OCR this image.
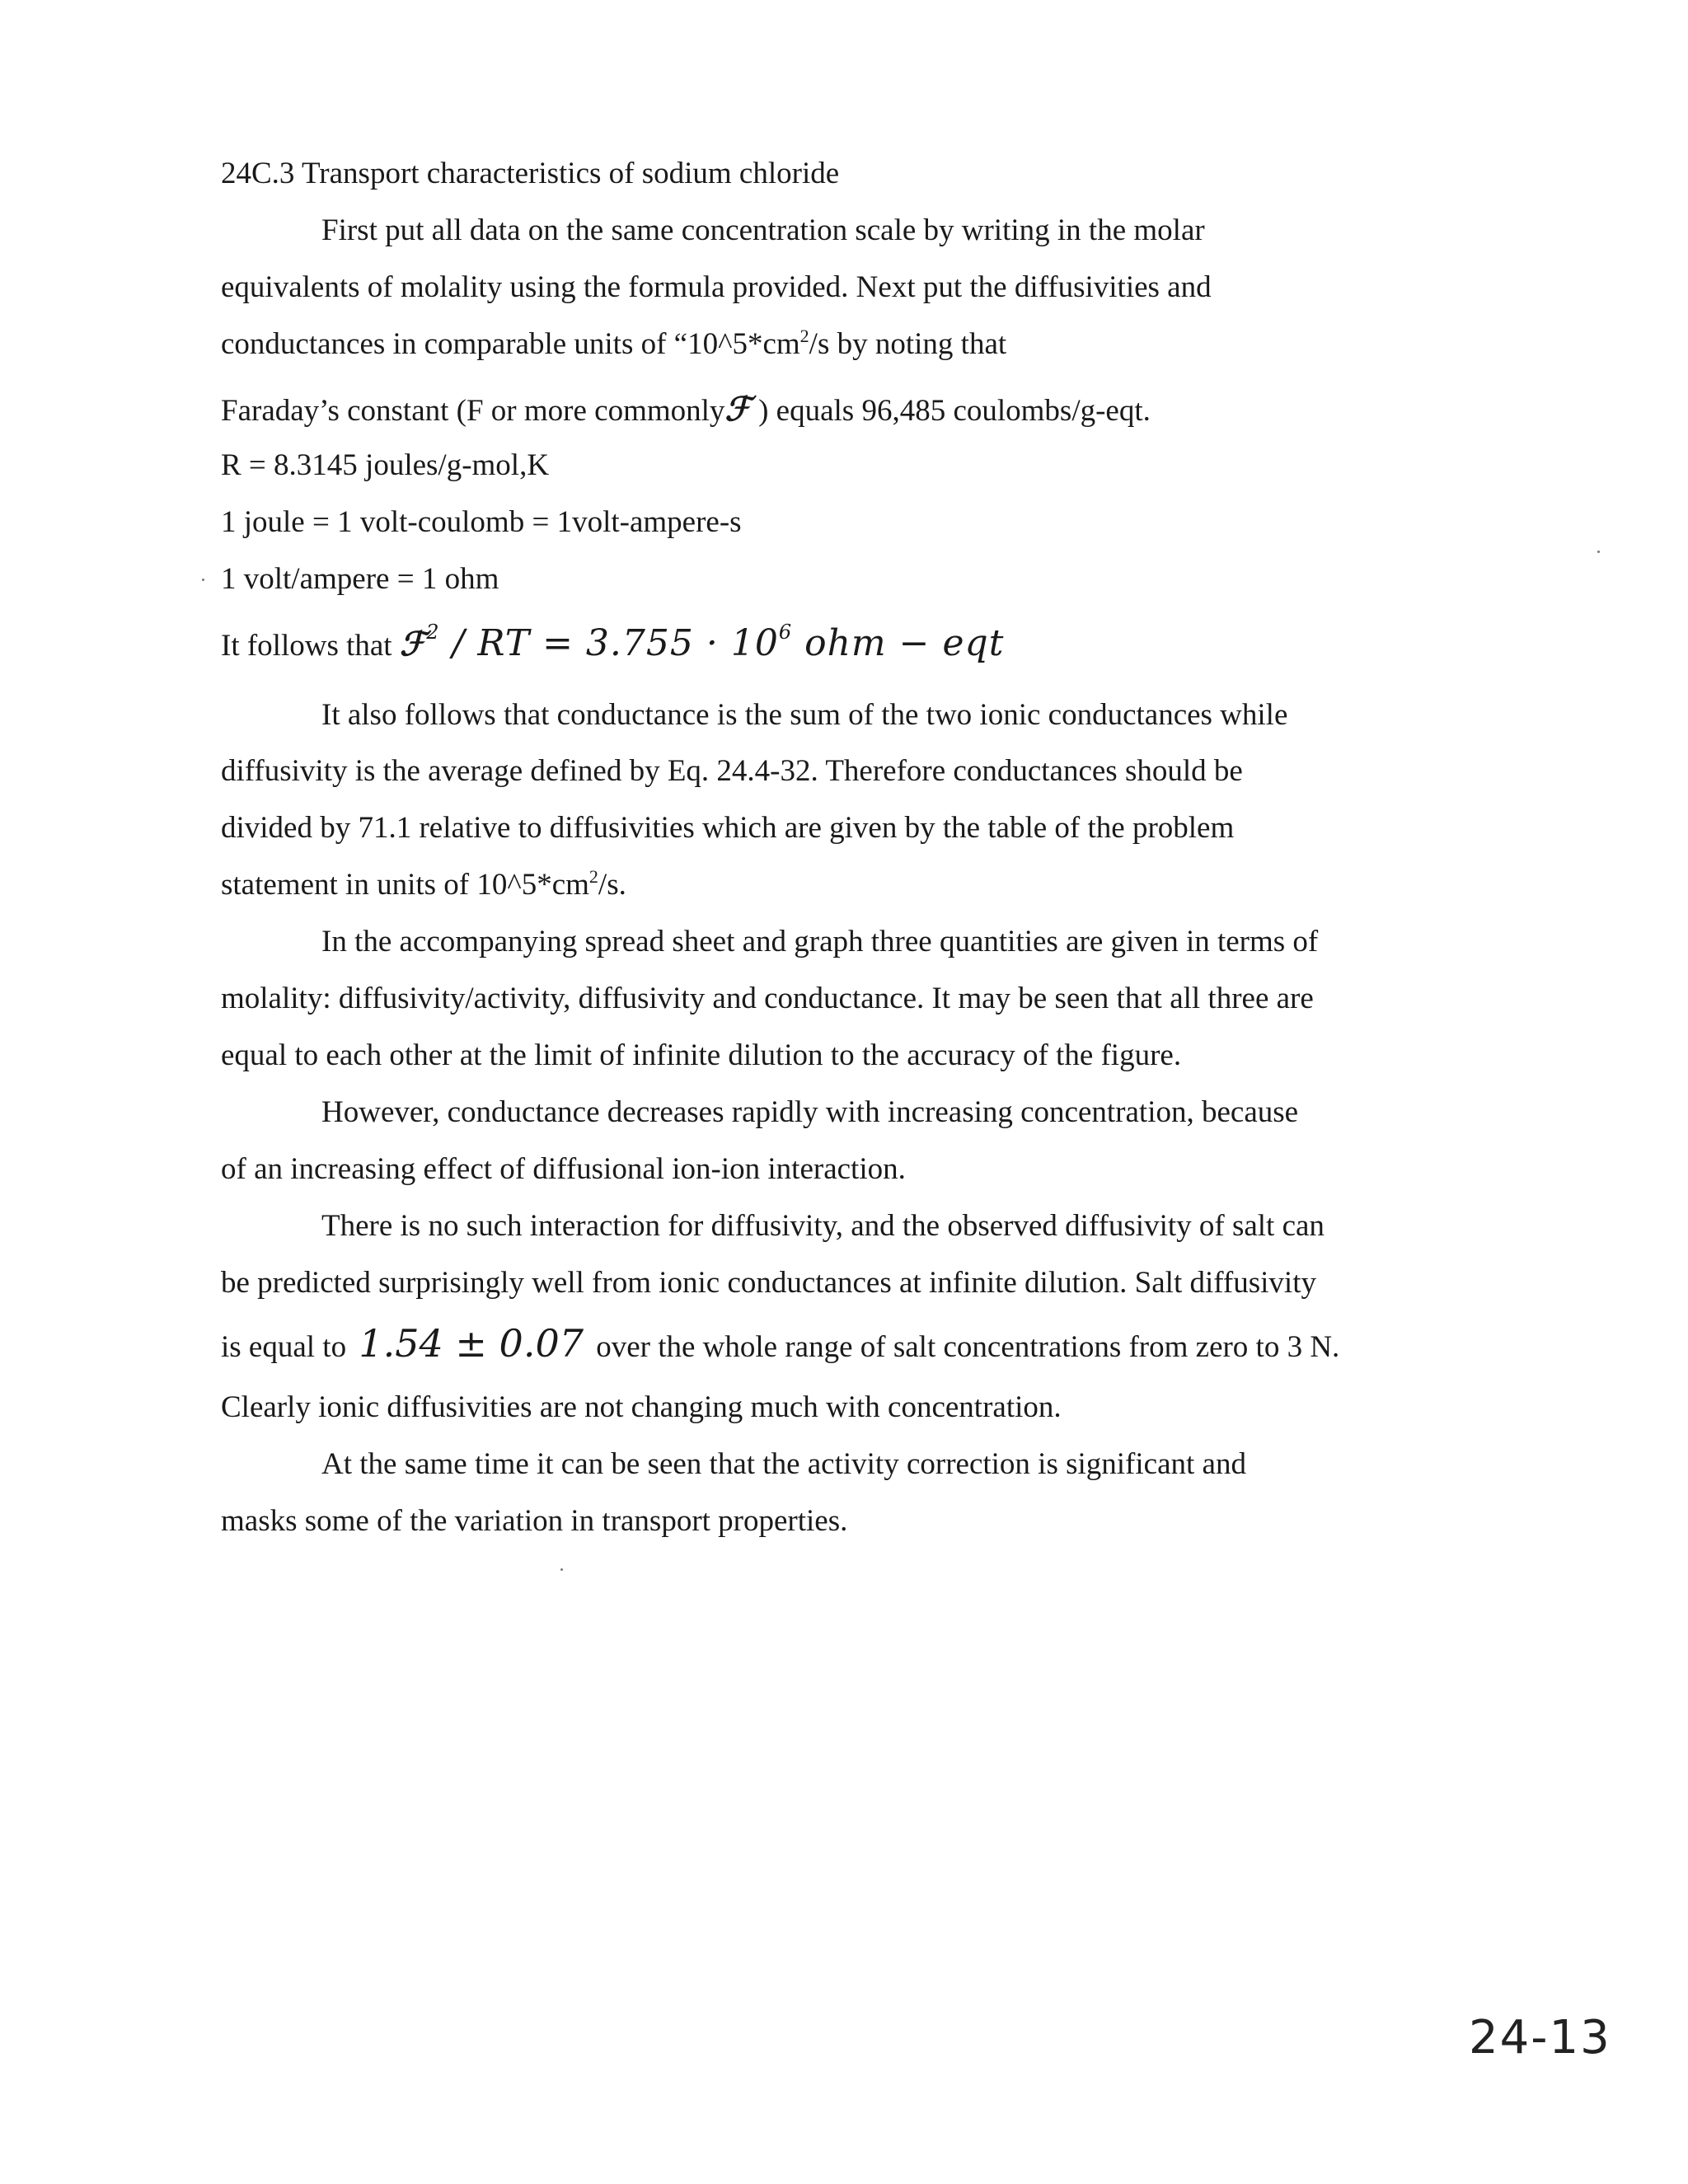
24C.3 Transport characteristics of sodium chloride

First put all data on the same concentration scale by writing in the molar

equivalents of molality using the formula provided. Next put the diffusivities and

conductances in comparable units of “$10\^{}5*cm^2/s$ by noting that

Faraday’s constant (F or more commonlyℱ ) equals 96,485 coulombs/g-eqt.

R = 8.3145 joules/g-mol,K

1 joule = 1 volt-coulomb = 1volt-ampere-s

1 volt/ampere = 1 ohm

It follows that ℱ$^2$ / RT = $3.755 \cdot 10^6$ ohm − eqt

It also follows that conductance is the sum of the two ionic conductances while

diffusivity is the average defined by Eq. 24.4-32. Therefore conductances should be

divided by 71.1 relative to diffusivities which are given by the table of the problem

statement in units of $10\^{}5*cm^2/s$.

In the accompanying spread sheet and graph three quantities are given in terms of

molality: diffusivity/activity, diffusivity and conductance. It may be seen that all three are

equal to each other at the limit of infinite dilution to the accuracy of the figure.

However, conductance decreases rapidly with increasing concentration, because

of an increasing effect of diffusional ion-ion interaction.

There is no such interaction for diffusivity, and the observed diffusivity of salt can

be predicted surprisingly well from ionic conductances at infinite dilution. Salt diffusivity

is equal to 1.54 ± 0.07 over the whole range of salt concentrations from zero to 3 N.

Clearly ionic diffusivities are not changing much with concentration.

At the same time it can be seen that the activity correction is significant and

masks some of the variation in transport properties.

24-13
